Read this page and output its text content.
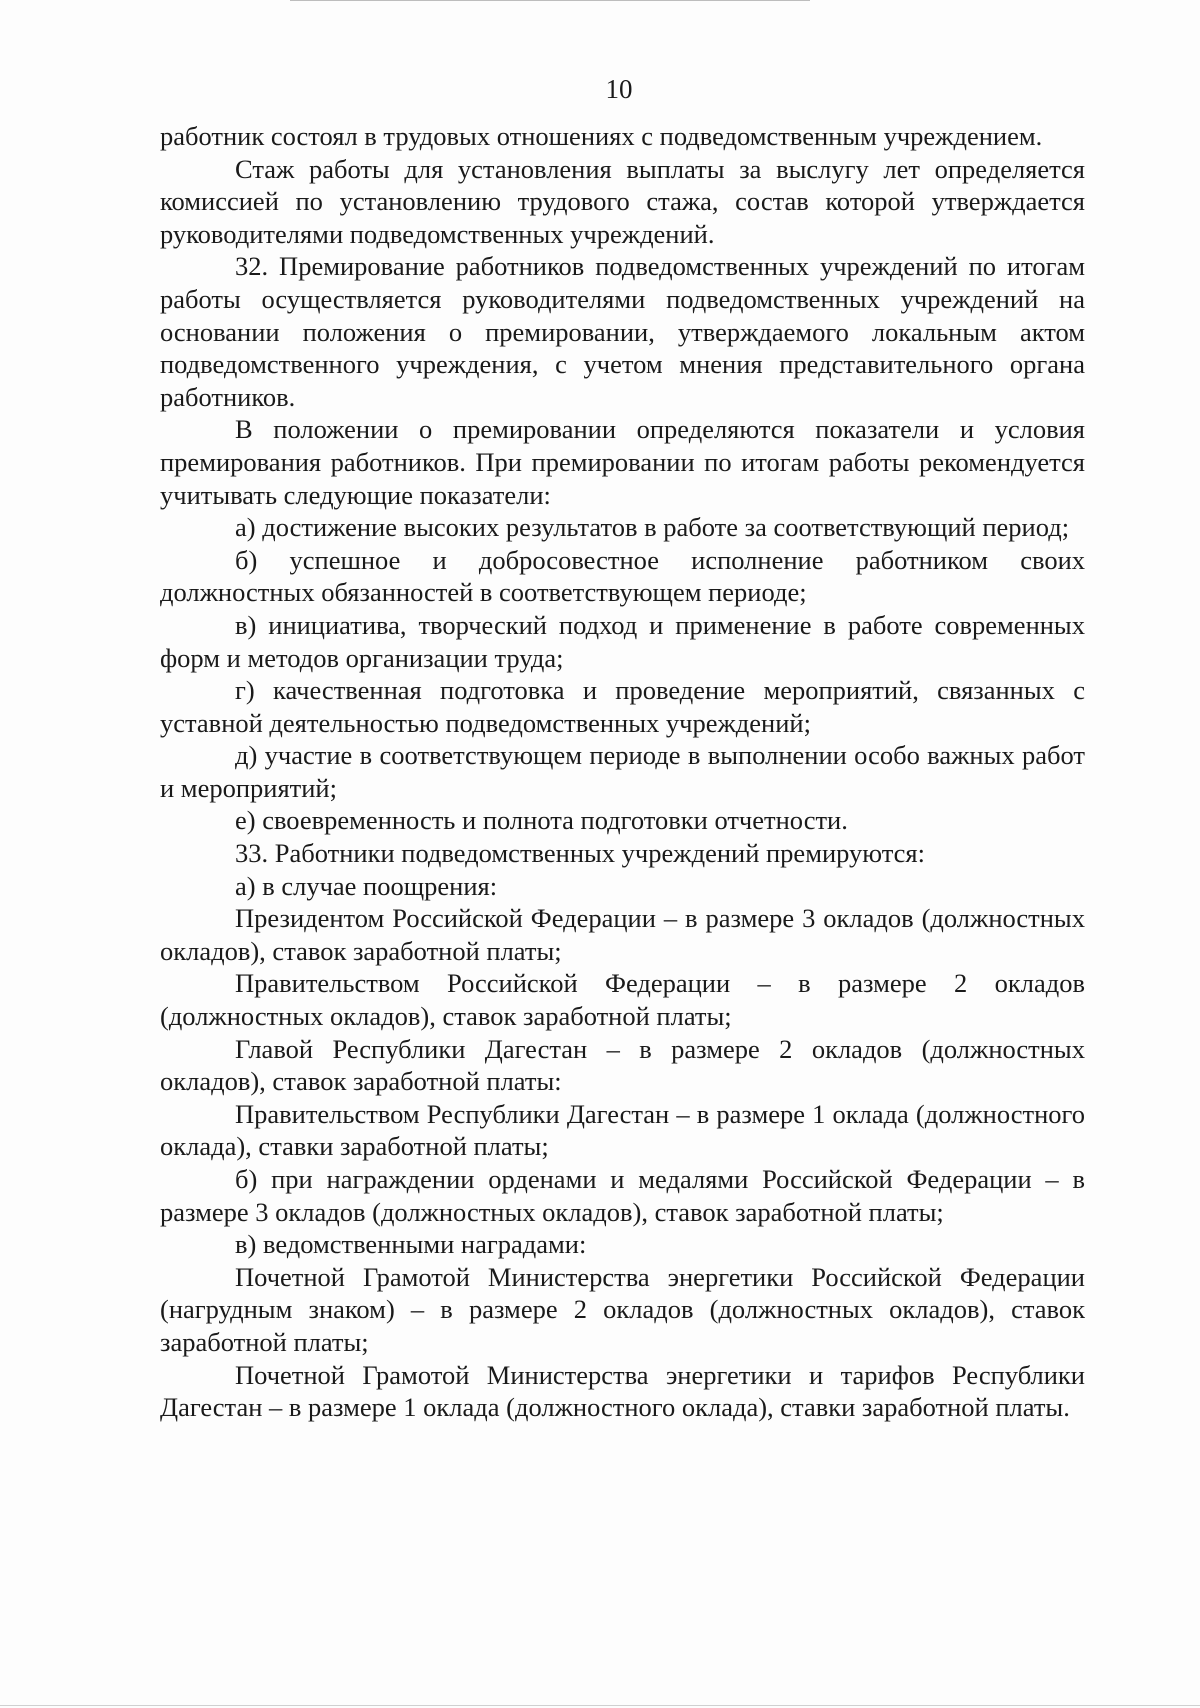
10

работник состоял в трудовых отношениях с подведомственным учреждением.

Стаж работы для установления выплаты за выслугу лет определяется комиссией по установлению трудового стажа, состав которой утверждается руководителями подведомственных учреждений.

32. Премирование работников подведомственных учреждений по итогам работы осуществляется руководителями подведомственных учреждений на основании положения о премировании, утверждаемого локальным актом подведомственного учреждения, с учетом мнения представительного органа работников.

В положении о премировании определяются показатели и условия премирования работников. При премировании по итогам работы рекомендуется учитывать следующие показатели:

а) достижение высоких результатов в работе за соответствующий период;

б) успешное и добросовестное исполнение работником своих должностных обязанностей в соответствующем периоде;

в) инициатива, творческий подход и применение в работе современных форм и методов организации труда;

г) качественная подготовка и проведение мероприятий, связанных с уставной деятельностью подведомственных учреждений;

д) участие в соответствующем периоде в выполнении особо важных работ и мероприятий;

е) своевременность и полнота подготовки отчетности.

33. Работники подведомственных учреждений премируются:

а) в случае поощрения:

Президентом Российской Федерации – в размере 3 окладов (должностных окладов), ставок заработной платы;

Правительством Российской Федерации – в размере 2 окладов (должностных окладов), ставок заработной платы;

Главой Республики Дагестан – в размере 2 окладов (должностных окладов), ставок заработной платы:

Правительством Республики Дагестан – в размере 1 оклада (должностного оклада), ставки заработной платы;

б) при награждении орденами и медалями Российской Федерации – в размере 3 окладов (должностных окладов), ставок заработной платы;

в) ведомственными наградами:

Почетной Грамотой Министерства энергетики Российской Федерации (нагрудным знаком) – в размере 2 окладов (должностных окладов), ставок заработной платы;

Почетной Грамотой Министерства энергетики и тарифов Республики Дагестан – в размере 1 оклада (должностного оклада), ставки заработной платы.
